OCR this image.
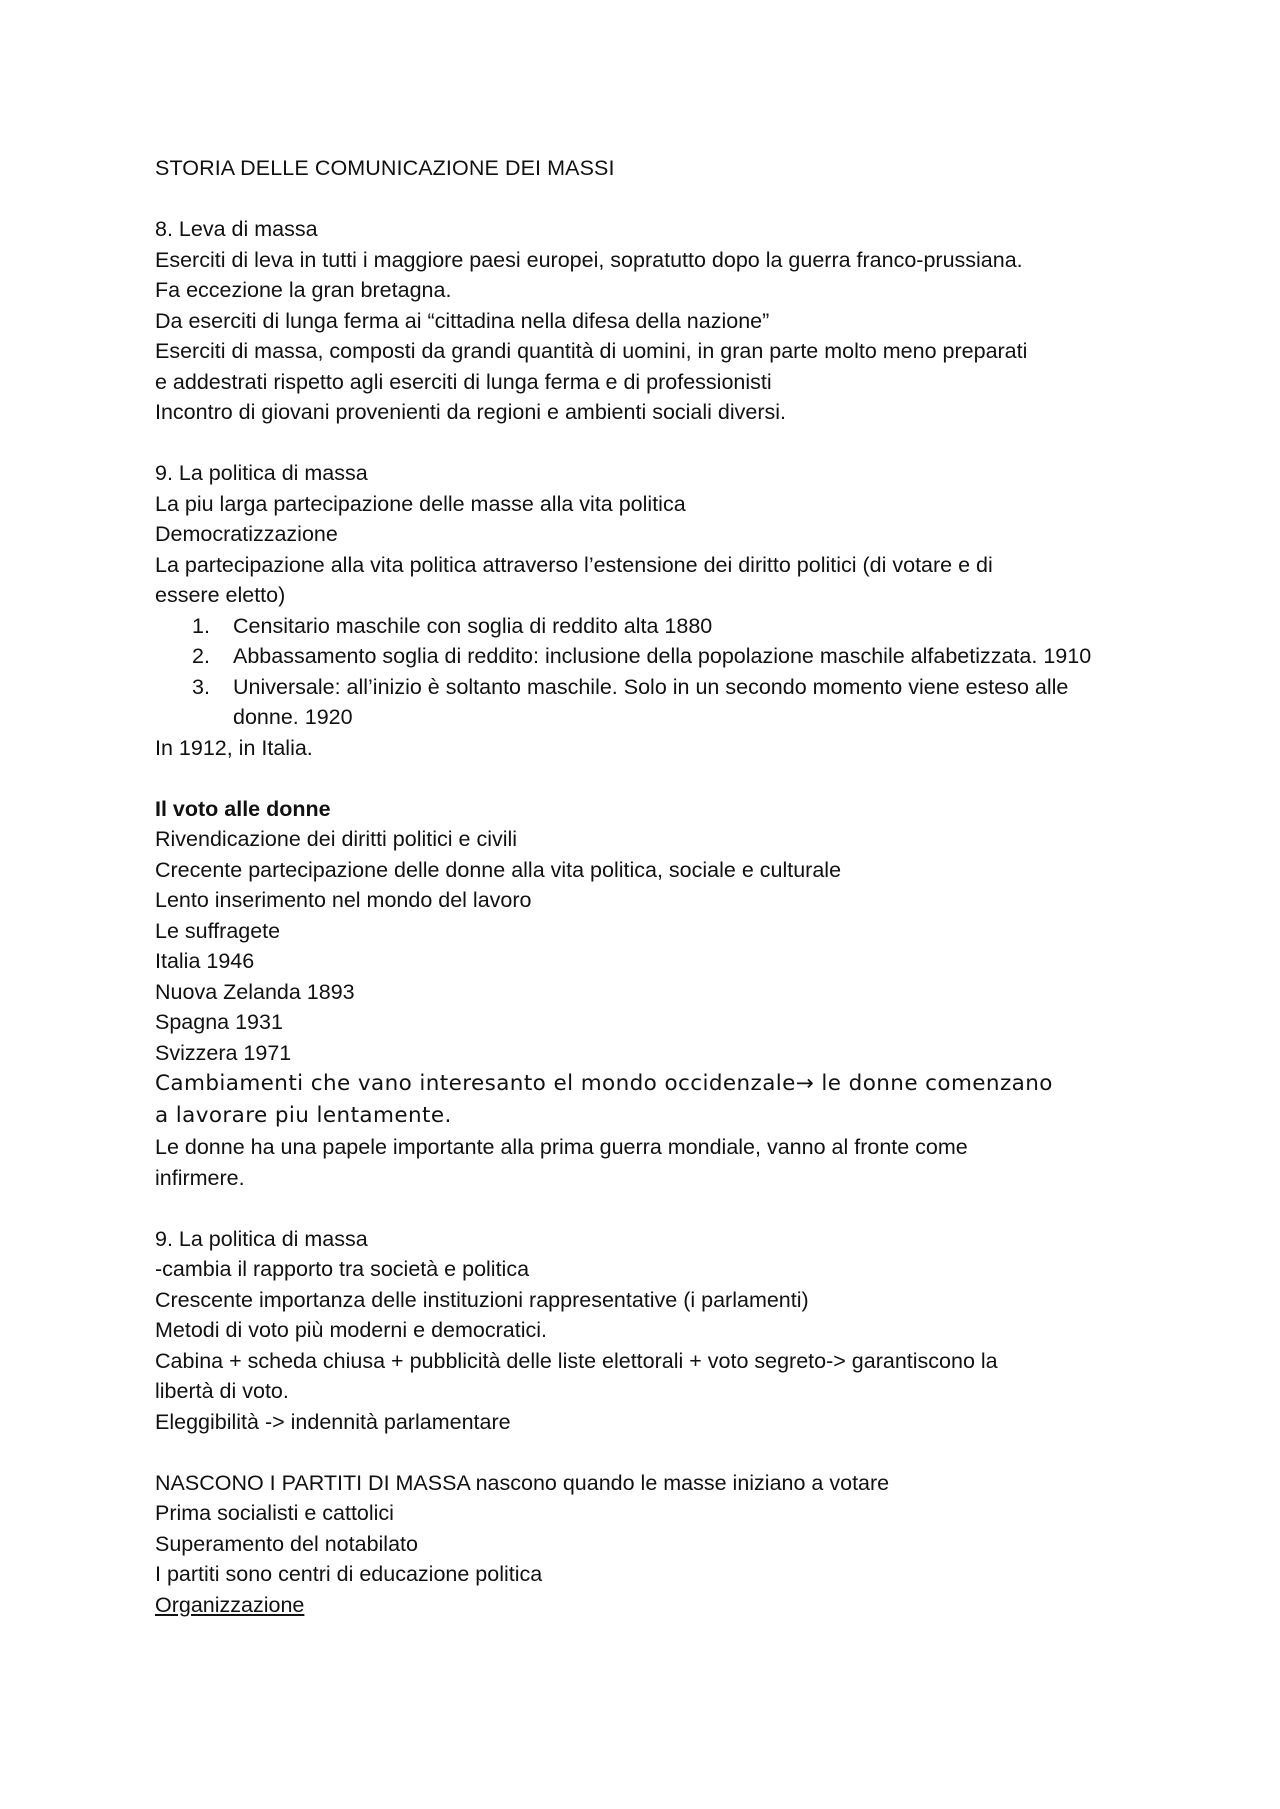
STORIA DELLE COMUNICAZIONE DEI MASSI
8. Leva di massa
Eserciti di leva in tutti i maggiore paesi europei, sopratutto dopo la guerra franco-prussiana.
Fa eccezione la gran bretagna.
Da eserciti di lunga ferma ai “cittadina nella difesa della nazione”
Eserciti di massa, composti da grandi quantità di uomini, in gran parte molto meno preparati
e addestrati rispetto agli eserciti di lunga ferma e di professionisti
Incontro di giovani provenienti da regioni e ambienti sociali diversi.
9. La politica di massa
La piu larga partecipazione delle masse alla vita politica
Democratizzazione
La partecipazione alla vita politica attraverso l’estensione dei diritto politici (di votare e di
essere eletto)
1. Censitario maschile con soglia di reddito alta 1880
2. Abbassamento soglia di reddito: inclusione della popolazione maschile alfabetizzata. 1910
3. Universale: all’inizio è soltanto maschile. Solo in un secondo momento viene esteso alle donne. 1920
In 1912, in Italia.
Il voto alle donne
Rivendicazione dei diritti politici e civili
Crecente partecipazione delle donne alla vita politica, sociale e culturale
Lento inserimento nel mondo del lavoro
Le suffragete
Italia 1946
Nuova Zelanda 1893
Spagna 1931
Svizzera 1971
Cambiamenti che vano interesanto el mondo occidenzale→ le donne comenzano
a lavorare piu lentamente.
Le donne ha una papele importante alla prima guerra mondiale, vanno al fronte come
infirmere.
9. La politica di massa
-cambia il rapporto tra società e politica
Crescente importanza delle instituzioni rappresentative (i parlamenti)
Metodi di voto più moderni e democratici.
Cabina + scheda chiusa + pubblicità delle liste elettorali + voto segreto-> garantiscono la
libertà di voto.
Eleggibilità -> indennità parlamentare
NASCONO I PARTITI DI MASSA nascono quando le masse iniziano a votare
Prima socialisti e cattolici
Superamento del notabilato
I partiti sono centri di educazione politica
Organizzazione
